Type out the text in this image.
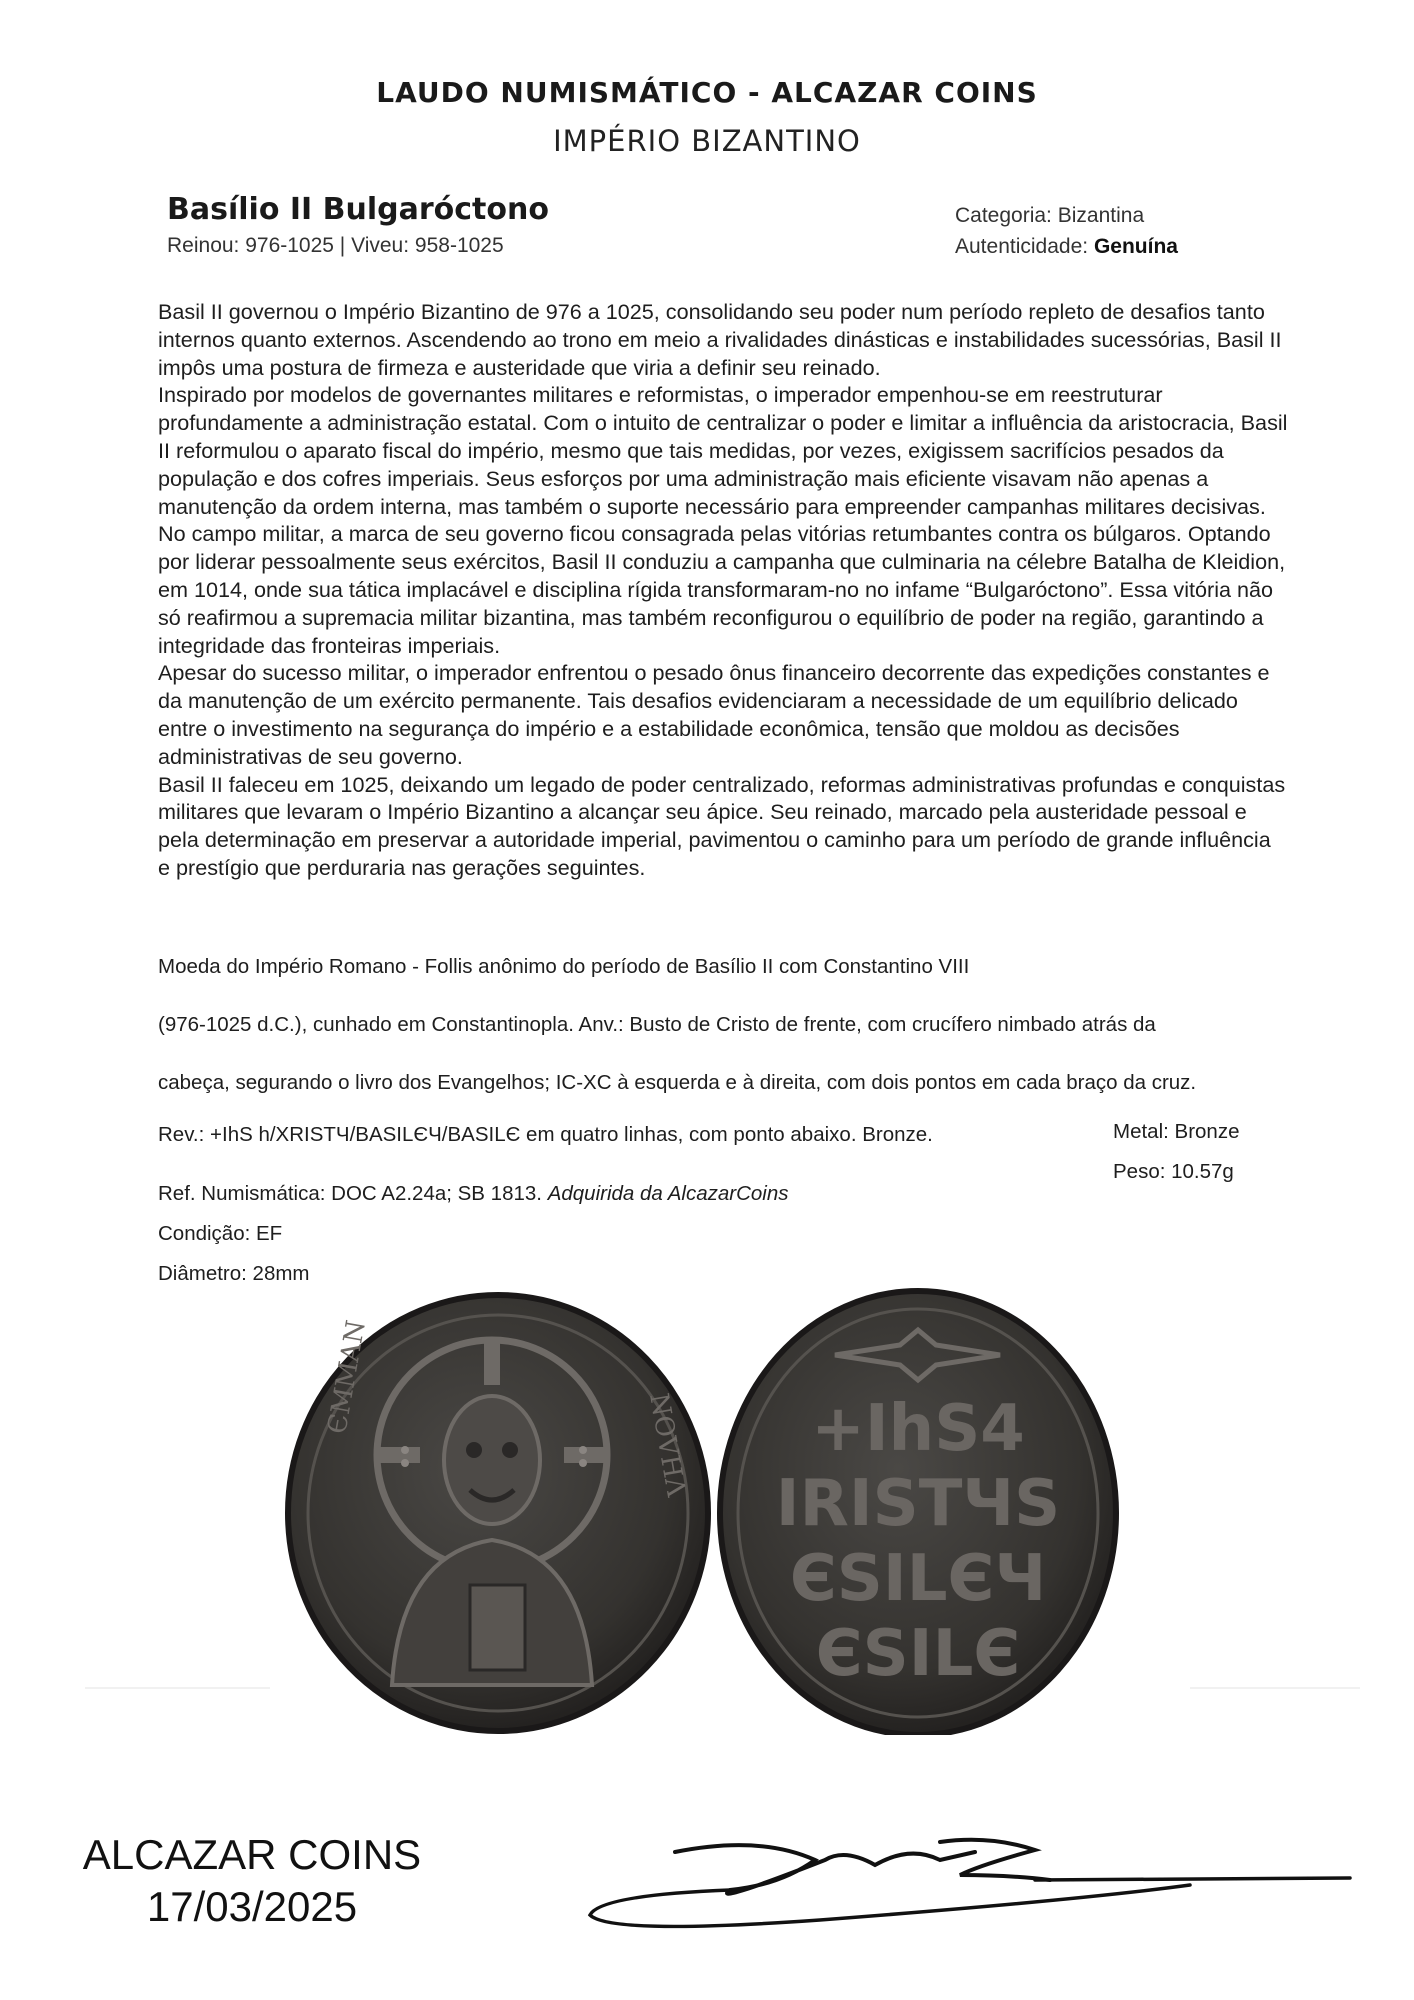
LAUDO NUMISMÁTICO - ALCAZAR COINS
IMPÉRIO BIZANTINO
Basílio II Bulgaróctono
Reinou: 976-1025 | Viveu: 958-1025
Categoria: Bizantina
Autenticidade: Genuína

Basil II governou o Império Bizantino de 976 a 1025, consolidando seu poder num período repleto de desafios tanto internos quanto externos. Ascendendo ao trono em meio a rivalidades dinásticas e instabilidades sucessórias, Basil II impôs uma postura de firmeza e austeridade que viria a definir seu reinado.

Inspirado por modelos de governantes militares e reformistas, o imperador empenhou-se em reestruturar profundamente a administração estatal. Com o intuito de centralizar o poder e limitar a influência da aristocracia, Basil II reformulou o aparato fiscal do império, mesmo que tais medidas, por vezes, exigissem sacrifícios pesados da população e dos cofres imperiais. Seus esforços por uma administração mais eficiente visavam não apenas a manutenção da ordem interna, mas também o suporte necessário para empreender campanhas militares decisivas.

No campo militar, a marca de seu governo ficou consagrada pelas vitórias retumbantes contra os búlgaros. Optando por liderar pessoalmente seus exércitos, Basil II conduziu a campanha que culminaria na célebre Batalha de Kleidion, em 1014, onde sua tática implacável e disciplina rígida transformaram-no no infame “Bulgaróctono”. Essa vitória não só reafirmou a supremacia militar bizantina, mas também reconfigurou o equilíbrio de poder na região, garantindo a integridade das fronteiras imperiais.

Apesar do sucesso militar, o imperador enfrentou o pesado ônus financeiro decorrente das expedições constantes e da manutenção de um exército permanente. Tais desafios evidenciaram a necessidade de um equilíbrio delicado entre o investimento na segurança do império e a estabilidade econômica, tensão que moldou as decisões administrativas de seu governo.

Basil II faleceu em 1025, deixando um legado de poder centralizado, reformas administrativas profundas e conquistas militares que levaram o Império Bizantino a alcançar seu ápice. Seu reinado, marcado pela austeridade pessoal e pela determinação em preservar a autoridade imperial, pavimentou o caminho para um período de grande influência e prestígio que perduraria nas gerações seguintes.

Moeda do Império Romano - Follis anônimo do período de Basílio II com Constantino VIII
(976-1025 d.C.), cunhado em Constantinopla. Anv.: Busto de Cristo de frente, com crucífero nimbado atrás da
cabeça, segurando o livro dos Evangelhos; IC-XC à esquerda e à direita, com dois pontos em cada braço da cruz.
Rev.: +IhS h/XRISTЧ/BASILЄЧ/BASILЄ em quatro linhas, com ponto abaixo. Bronze.
Ref. Numismática: DOC A2.24a; SB 1813. Adquirida da AlcazarCoins
Condição: EF
Diâmetro: 28mm
Metal: Bronze
Peso: 10.57g
ЄMMAN
ΝΟVΗΛ +IhS4
IRISTЧS
ЄSILЄЧ
ЄSILЄ
ALCAZAR COINS
17/03/2025
